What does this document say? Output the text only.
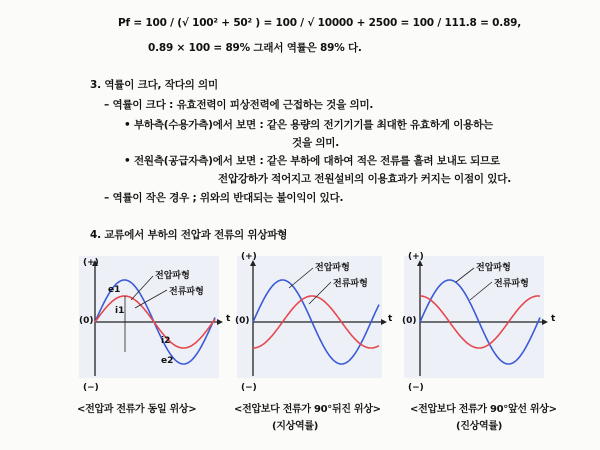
Pf = 100 / (√ 100² + 50² ) = 100 / √ 10000 + 2500 = 100 / 111.8 = 0.89,
0.89 × 100 = 89% 그래서 역률은 89% 다.
3. 역률이 크다, 작다의 의미
– 역률이 크다 : 유효전력이 피상전력에 근접하는 것을 의미.
• 부하측(수용가측)에서 보면 : 같은 용량의 전기기기를 최대한 유효하게 이용하는
것을 의미.
• 전원측(공급자측)에서 보면 : 같은 부하에 대하여 적은 전류를 흘려 보내도 되므로
전압강하가 적어지고 전원설비의 이용효과가 커지는 이점이 있다.
– 역률이 작은 경우 ; 위와의 반대되는 불이익이 있다.
4. 교류에서 부하의 전압과 전류의 위상파형
(+)
(−)
(0)	t
전압파형
전류파형
e1
i1
i2
e2
(+)
(−)
(0)	t
전압파형
전류파형
(+)
(−)
(0)	t
전압파형
전류파형
<전압과 전류가 동일 위상>	<전압보다 전류가 90°뒤진 위상>	<전압보다 전류가 90°앞선 위상>
(지상역률)	(진상역률)
